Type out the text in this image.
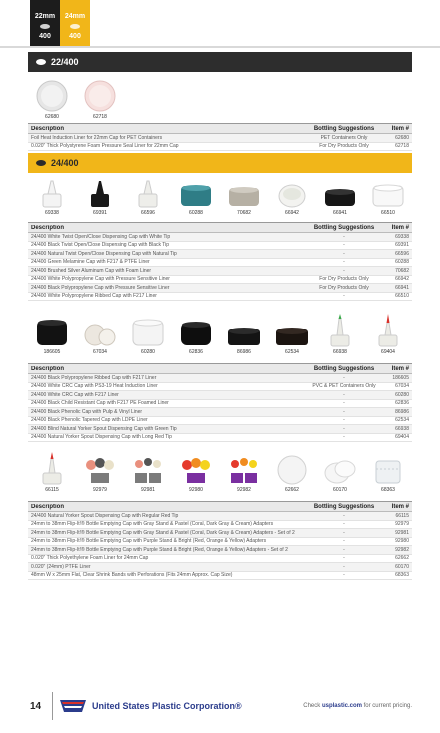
22mm
400
24mm
400
22/400
62680	62718
Description	Bottling Suggestions	Item #
Foil Heat Induction Liner for 22mm Cap for PET Containers	PET Containers Only	62680
0.020" Thick Polystyrene Foam Pressure Seal Liner for 22mm Cap	For Dry Products Only	62718
24/400
69338	69391	66596	60288	70682	66942	66941	66510
Description	Bottling Suggestions	Item #
24/400 White Twist Open/Close Dispensing Cap with White Tip	-	69338
24/400 Black Twist Open/Close Dispensing Cap with Black Tip	-	69391
24/400 Natural Twist Open/Close Dispensing Cap with Natural Tip	-	66596
24/400 Green Melamine Cap with F217 & PTFE Liner	-	60288
24/400 Brushed Silver Aluminum Cap with Foam Liner	-	70682
24/400 White Polypropylene Cap with Pressure Sensitive Liner	For Dry Products Only	66942
24/400 Black Polypropylene Cap with Pressure Sensitive Liner	For Dry Products Only	66941
24/400 White Polypropylene Ribbed Cap with F217 Liner	-	66510
186605	67034	60280	62836	86986	62534	66938	69404
Description	Bottling Suggestions	Item #
24/400 Black Polypropylene Ribbed Cap with F217 Liner	-	186605
24/400 White CRC Cap with PS3-19 Heat Induction Liner	PVC & PET Containers Only	67034
24/400 White CRC Cap with F217 Liner	-	60280
24/400 Black Child Resistant Cap with F217 PE Foamed Liner	-	62836
24/400 Black Phenolic Cap with Pulp & Vinyl Liner	-	86986
24/400 Black Phenolic Tapered Cap with LDPE Liner	-	62534
24/400 Blind Natural Yorker Spout Dispensing Cap with Green Tip	-	66938
24/400 Natural Yorker Spout Dispensing Cap with Long Red Tip	-	69404
66115	92979	92981	92980	92982	62662	60170	68363
Description	Bottling Suggestions	Item #
24/400 Natural Yorker Spout Dispensing Cap with Regular Red Tip	-	66115
24mm to 38mm Flip-It!® Bottle Emptying Cap with Gray Stand & Pastel (Coral, Dark Gray & Cream) Adapters	-	92979
24mm to 38mm Flip-It!® Bottle Emptying Cap with Gray Stand & Pastel (Coral, Dark Gray & Cream) Adapters - Set of 2	-	92981
24mm to 38mm Flip-It!® Bottle Emptying Cap with Purple Stand & Bright (Red, Orange & Yellow) Adapters	-	92980
24mm to 38mm Flip-It!® Bottle Emptying Cap with Purple Stand & Bright (Red, Orange & Yellow) Adapters - Set of 2	-	92982
0.020" Thick Polyethylene Foam Liner for 24mm Cap	-	62662
0.020" (24mm) PTFE Liner	-	60170
48mm W x 25mm Flat, Clear Shrink Bands with Perforations (Fits 24mm Approx. Cap Size)	-	68363
14	United States Plastic Corporation®	Check usplastic.com for current pricing.
